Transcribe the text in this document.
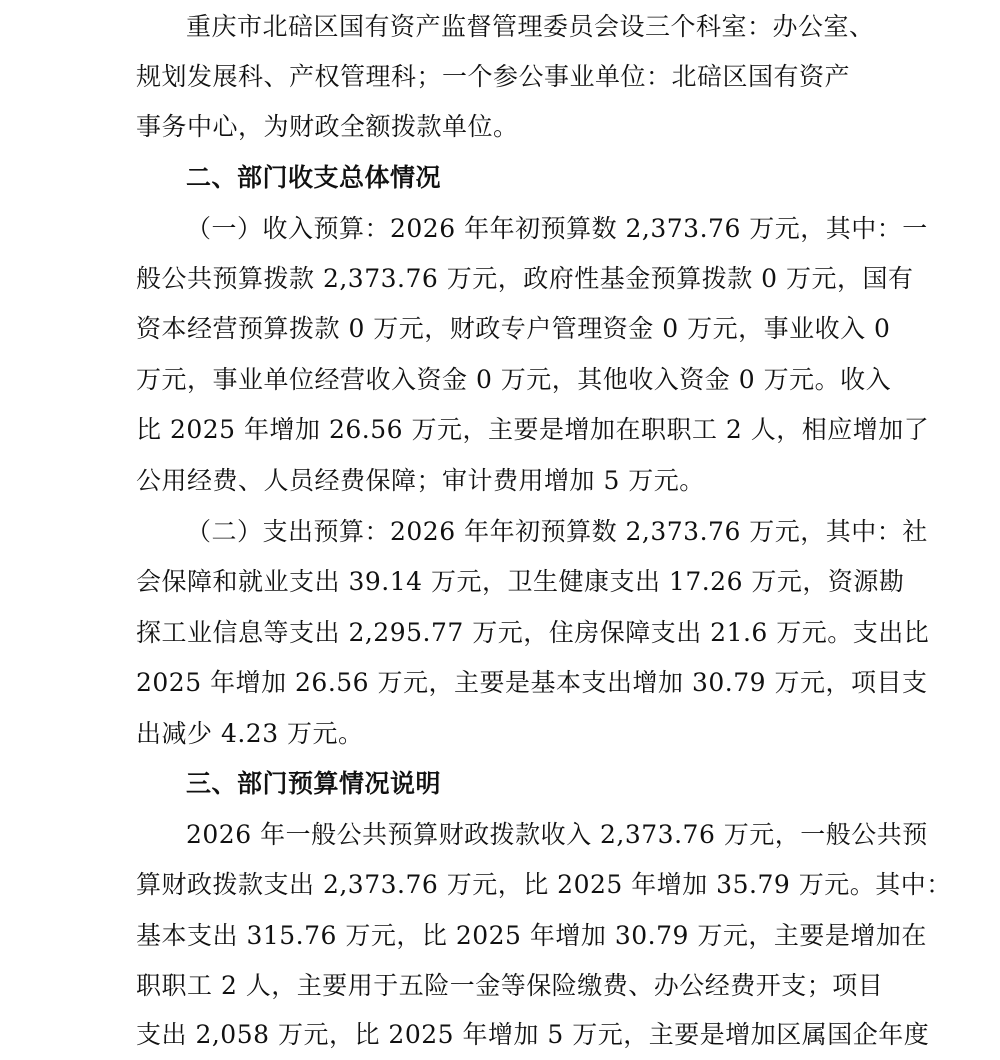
重庆市北碚区国有资产监督管理委员会设三个科室：办公室、
规划发展科、产权管理科；一个参公事业单位：北碚区国有资产
事务中心，为财政全额拨款单位。
二、部门收支总体情况
（一）收入预算：2026 年年初预算数 2,373.76 万元，其中：一
般公共预算拨款 2,373.76 万元，政府性基金预算拨款 0 万元，国有
资本经营预算拨款 0 万元，财政专户管理资金 0 万元，事业收入 0
万元，事业单位经营收入资金 0 万元，其他收入资金 0 万元。收入
比 2025 年增加 26.56 万元，主要是增加在职职工 2 人，相应增加了
公用经费、人员经费保障；审计费用增加 5 万元。
（二）支出预算：2026 年年初预算数 2,373.76 万元，其中：社
会保障和就业支出 39.14 万元，卫生健康支出 17.26 万元，资源勘
探工业信息等支出 2,295.77 万元，住房保障支出 21.6 万元。支出比
2025 年增加 26.56 万元，主要是基本支出增加 30.79 万元，项目支
出减少 4.23 万元。
三、部门预算情况说明
2026 年一般公共预算财政拨款收入 2,373.76 万元，一般公共预
算财政拨款支出 2,373.76 万元，比 2025 年增加 35.79 万元。其中：
基本支出 315.76 万元，比 2025 年增加 30.79 万元，主要是增加在
职职工 2 人，主要用于五险一金等保险缴费、办公经费开支；项目
支出 2,058 万元，比 2025 年增加 5 万元，主要是增加区属国企年度
